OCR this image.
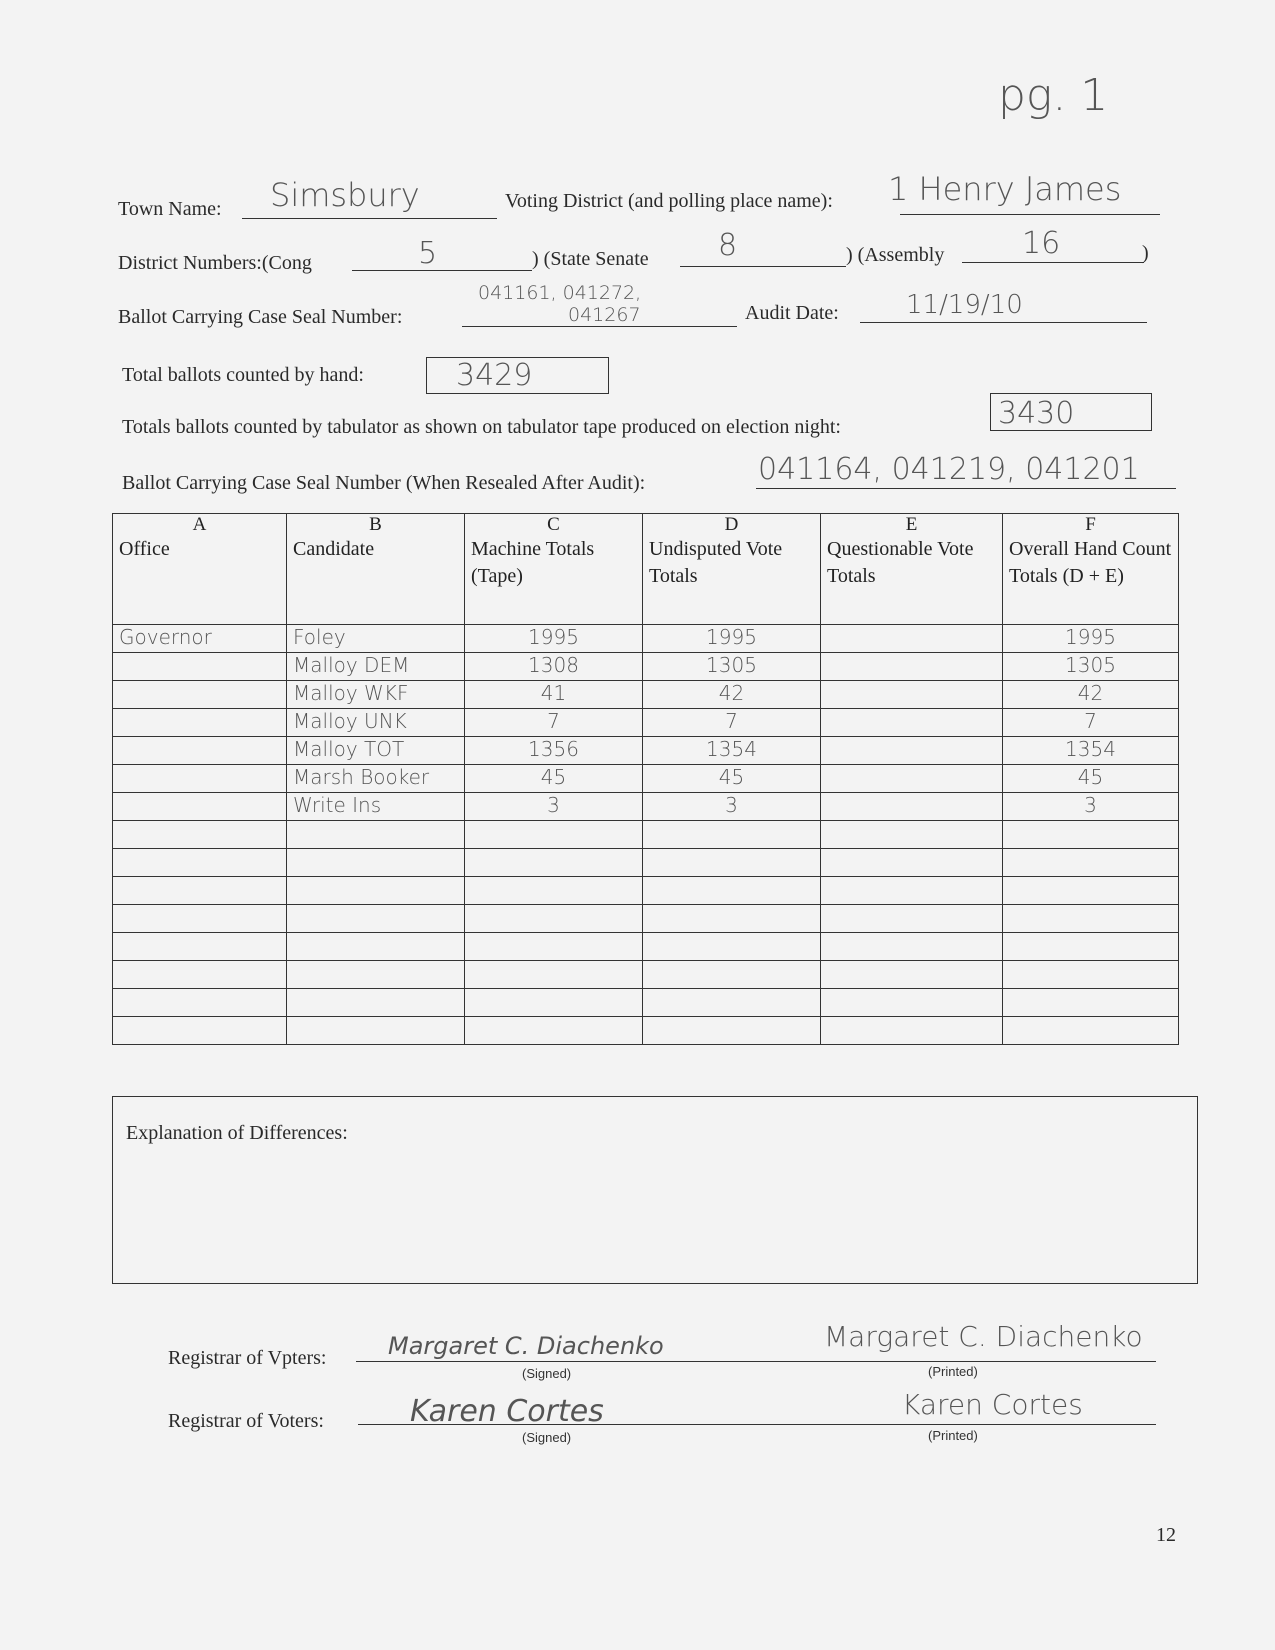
pg. 1
Town Name: Simsbury	Voting District (and polling place name): 1 Henry James
District Numbers:(Cong	5	) (State Senate 8	) (Assembly	16	)
Ballot Carrying Case Seal Number:
041161, 041272,
041267	Audit Date:	11/19/10
Total ballots counted by hand:	3429
Totals ballots counted by tabulator as shown on tabulator tape produced on election night:	3430
Ballot Carrying Case Seal Number (When Resealed After Audit):	041164, 041219, 041201
A	B	C	D	E	F
Office	Candidate	Machine Totals (Tape)	Undisputed Vote Totals	Questionable Vote Totals	Overall Hand Count Totals (D + E)
Governor	Foley	1995	1995		1995
	Malloy DEM	1308	1305		1305
	Malloy WKF	41	42		42
	Malloy UNK	7	7		7
	Malloy TOT	1356	1354		1354
	Marsh Booker	45	45		45
	Write Ins	3	3		3

Explanation of Differences:
Registrar of Vpters:	Margaret C. Diachenko
(Signed)
Margaret C. Diachenko
(Printed)
Registrar of Voters:	Karen Cortes
(Signed)
Karen Cortes
(Printed)
12
